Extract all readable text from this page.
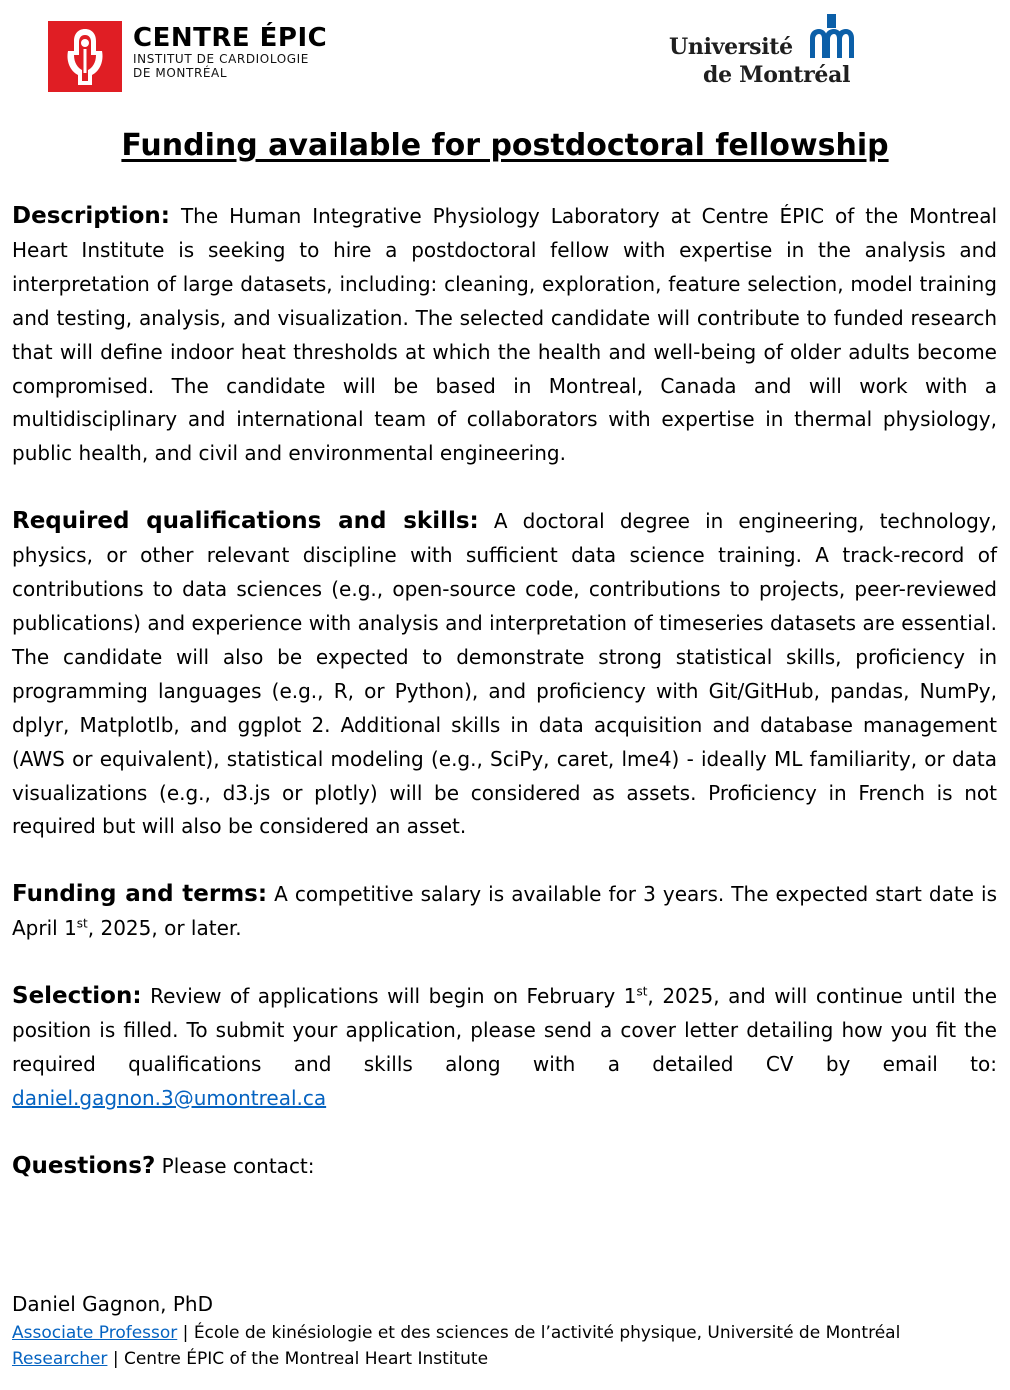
CENTRE ÉPIC
INSTITUT DE CARDIOLOGIE
DE MONTRÉAL
Université
de Montréal
Funding available for postdoctoral fellowship

Description: The Human Integrative Physiology Laboratory at Centre ÉPIC of the Montreal Heart Institute is seeking to hire a postdoctoral fellow with expertise in the analysis and interpretation of large datasets, including: cleaning, exploration, feature selection, model training and testing, analysis, and visualization. The selected candidate will contribute to funded research that will define indoor heat thresholds at which the health and well-being of older adults become compromised. The candidate will be based in Montreal, Canada and will work with a multidisciplinary and international team of collaborators with expertise in thermal physiology, public health, and civil and environmental engineering.

Required qualifications and skills: A doctoral degree in engineering, technology, physics, or other relevant discipline with sufficient data science training. A track-record of contributions to data sciences (e.g., open-source code, contributions to projects, peer-reviewed publications) and experience with analysis and interpretation of timeseries datasets are essential. The candidate will also be expected to demonstrate strong statistical skills, proficiency in programming languages (e.g., R, or Python), and proficiency with Git/GitHub, pandas, NumPy, dplyr, Matplotlb, and ggplot 2. Additional skills in data acquisition and database management (AWS or equivalent), statistical modeling (e.g., SciPy, caret, lme4) - ideally ML familiarity, or data visualizations (e.g., d3.js or plotly) will be considered as assets. Proficiency in French is not required but will also be considered an asset.

Funding and terms: A competitive salary is available for 3 years. The expected start date is April 1st, 2025, or later.

Selection: Review of applications will begin on February 1st, 2025, and will continue until the position is filled. To submit your application, please send a cover letter detailing how you fit the required qualifications and skills along with a detailed CV by email to: daniel.gagnon.3@umontreal.ca

Questions? Please contact:

Daniel Gagnon, PhD
Associate Professor | École de kinésiologie et des sciences de l’activité physique, Université de Montréal
Researcher | Centre ÉPIC of the Montreal Heart Institute
